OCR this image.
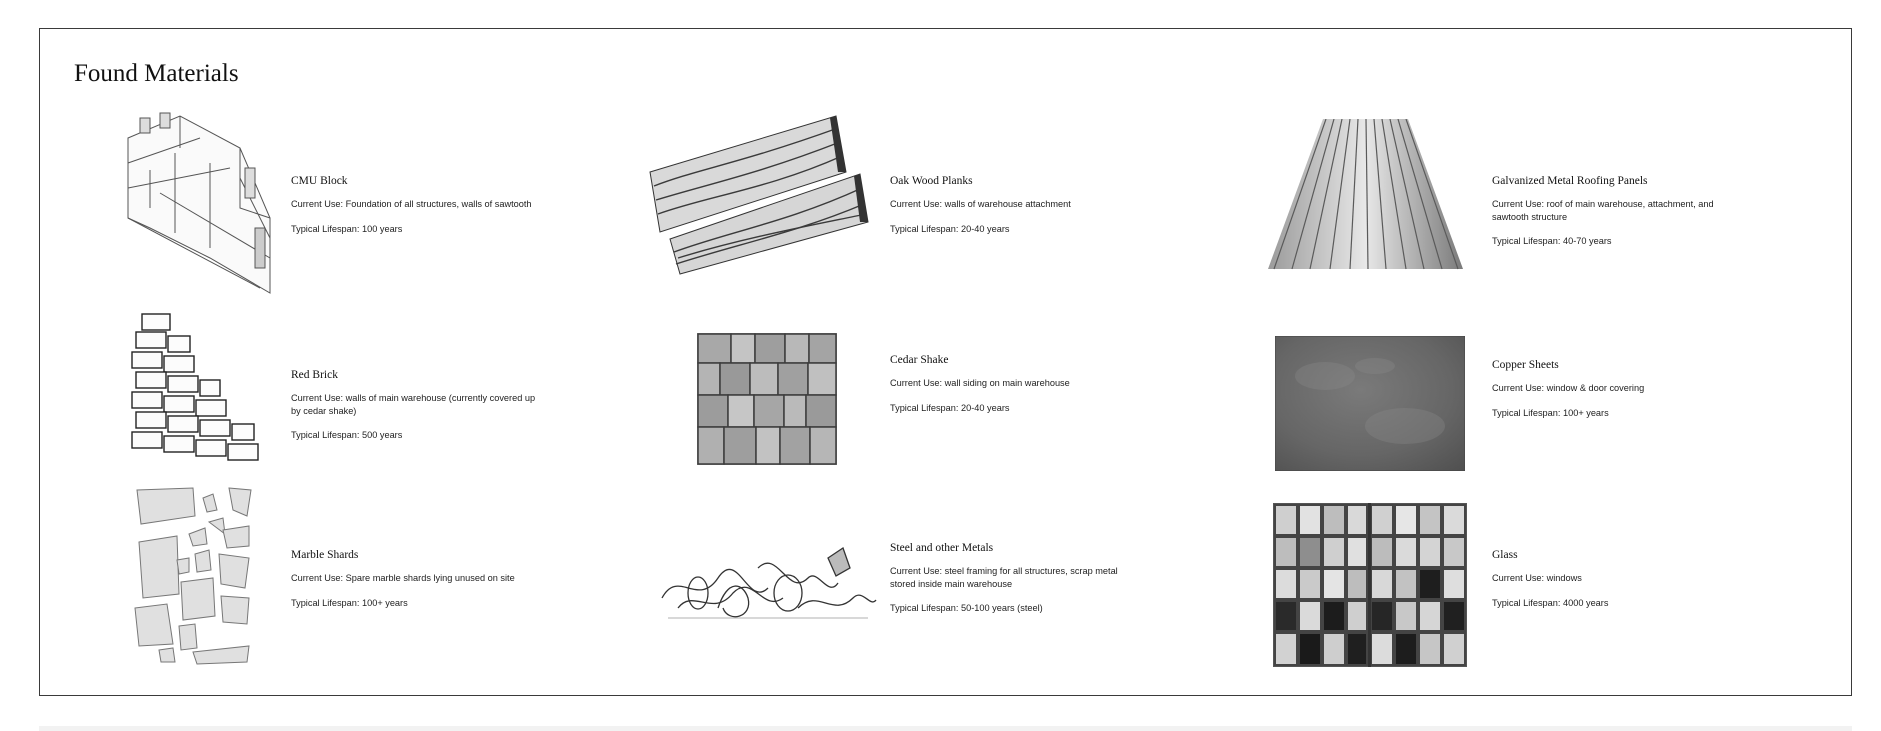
Found Materials
CMU Block
Current Use: Foundation of all structures, walls of sawtooth
Typical Lifespan: 100 years
Oak Wood Planks
Current Use: walls of warehouse attachment
Typical Lifespan: 20-40 years
Galvanized Metal Roofing Panels
Current Use: roof of main warehouse, attachment, and sawtooth structure
Typical Lifespan: 40-70 years
Red Brick
Current Use: walls of main warehouse (currently covered up by cedar shake)
Typical Lifespan: 500 years
Cedar Shake
Current Use: wall siding on main warehouse
Typical Lifespan: 20-40 years
Copper Sheets
Current Use: window & door covering
Typical Lifespan: 100+ years
Marble Shards
Current Use: Spare marble shards lying unused on site
Typical Lifespan: 100+ years
Steel and other Metals
Current Use: steel framing for all structures, scrap metal stored inside main warehouse
Typical Lifespan: 50-100 years (steel)
Glass
Current Use: windows
Typical Lifespan: 4000 years
